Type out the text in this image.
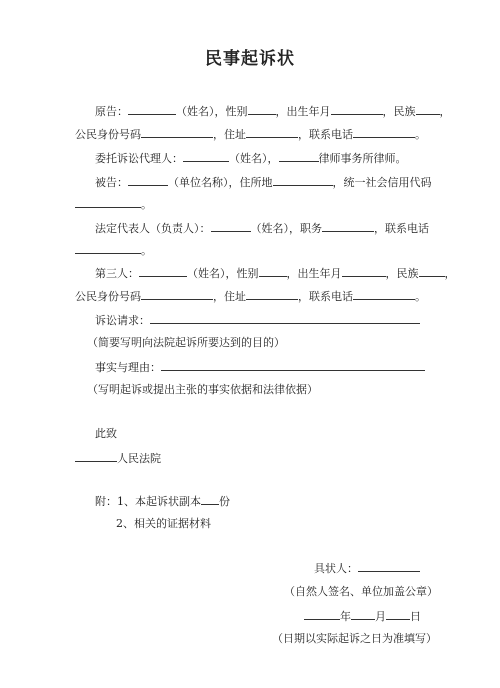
民事起诉状
原告：	（姓名），性别	，出生年月	，民族 ，
公民身份号码	，住址	，联系电话	。
委托诉讼代理人：	（姓名），	律师事务所律师。
被告：	（单位名称），住所地	，统一社会信用代码
。
法定代表人（负责人）：	（姓名），职务	，联系电话
。
第三人：	（姓名），性别	，出生年月	，民族 ，
公民身份号码	，住址	，联系电话	。
诉讼请求：
（简要写明向法院起诉所要达到的目的）
事实与理由：
（写明起诉或提出主张的事实依据和法律依据）
此致
人民法院
附：1、本起诉状副本 份
2、相关的证据材料
具状人：
（自然人签名、单位加盖公章）
年 月 日
（日期以实际起诉之日为准填写）
